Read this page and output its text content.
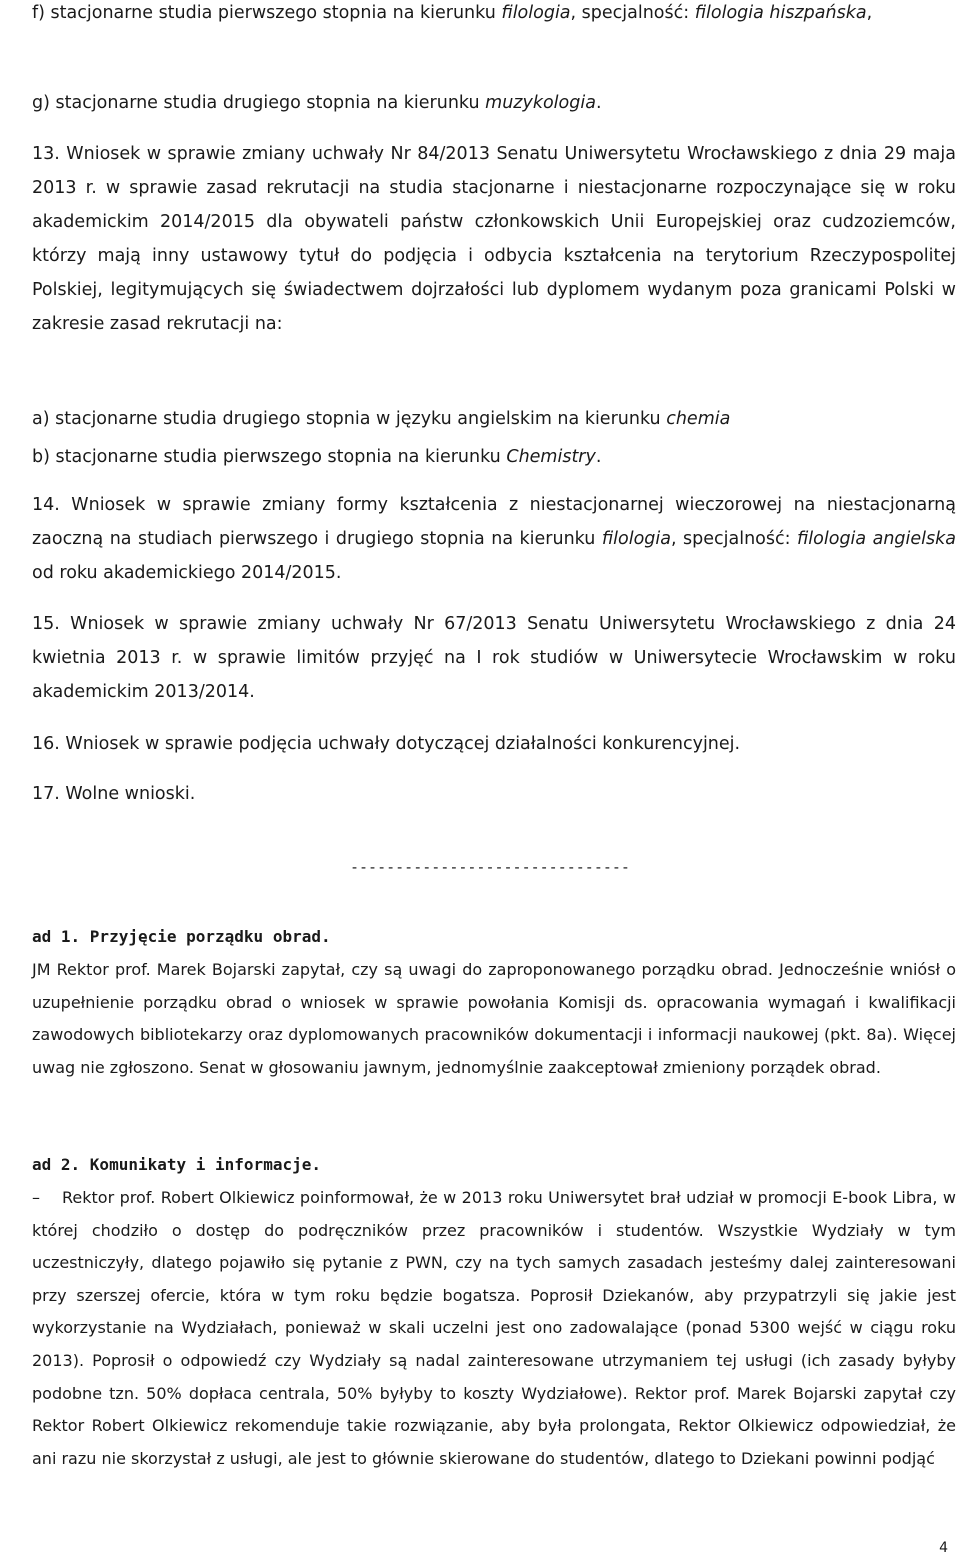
f) stacjonarne studia pierwszego stopnia na kierunku filologia, specjalność: filologia hiszpańska,
g) stacjonarne studia drugiego stopnia na kierunku muzykologia.

13. Wniosek w sprawie zmiany uchwały Nr 84/2013 Senatu Uniwersytetu Wrocławskiego z dnia 29 maja 2013 r. w sprawie zasad rekrutacji na studia stacjonarne i niestacjonarne rozpoczynające się w roku akademickim 2014/2015 dla obywateli państw członkowskich Unii Europejskiej oraz cudzoziemców, którzy mają inny ustawowy tytuł do podjęcia i odbycia kształcenia na terytorium Rzeczypospolitej Polskiej, legitymujących się świadectwem dojrzałości lub dyplomem wydanym poza granicami Polski w zakresie zasad rekrutacji na:

a) stacjonarne studia drugiego stopnia w języku angielskim na kierunku chemia
b) stacjonarne studia pierwszego stopnia na kierunku Chemistry.

14. Wniosek w sprawie zmiany formy kształcenia z niestacjonarnej wieczorowej na niestacjonarną zaoczną na studiach pierwszego i drugiego stopnia na kierunku filologia, specjalność: filologia angielska od roku akademickiego 2014/2015.

15. Wniosek w sprawie zmiany uchwały Nr 67/2013 Senatu Uniwersytetu Wrocławskiego z dnia 24 kwietnia 2013 r. w sprawie limitów przyjęć na I rok studiów w Uniwersytecie Wrocławskim w roku akademickim 2013/2014.

16. Wniosek w sprawie podjęcia uchwały dotyczącej działalności konkurencyjnej.

17. Wolne wnioski.

-------------------------------
ad 1. Przyjęcie porządku obrad.
JM Rektor prof. Marek Bojarski zapytał, czy są uwagi do zaproponowanego porządku obrad. Jednocześnie wniósł o uzupełnienie porządku obrad o wniosek w sprawie powołania Komisji ds. opracowania wymagań i kwalifikacji zawodowych bibliotekarzy oraz dyplomowanych pracowników dokumentacji i informacji naukowej (pkt. 8a). Więcej uwag nie zgłoszono. Senat w głosowaniu jawnym, jednomyślnie zaakceptował zmieniony porządek obrad.
ad 2. Komunikaty i informacje.
– Rektor prof. Robert Olkiewicz poinformował, że w 2013 roku Uniwersytet brał udział w promocji E-book Libra, w której chodziło o dostęp do podręczników przez pracowników i studentów. Wszystkie Wydziały w tym uczestniczyły, dlatego pojawiło się pytanie z PWN, czy na tych samych zasadach jesteśmy dalej zainteresowani przy szerszej ofercie, która w tym roku będzie bogatsza. Poprosił Dziekanów, aby przypatrzyli się jakie jest wykorzystanie na Wydziałach, ponieważ w skali uczelni jest ono zadowalające (ponad 5300 wejść w ciągu roku 2013). Poprosił o odpowiedź czy Wydziały są nadal zainteresowane utrzymaniem tej usługi (ich zasady byłyby podobne tzn. 50% dopłaca centrala, 50% byłyby to koszty Wydziałowe). Rektor prof. Marek Bojarski zapytał czy Rektor Robert Olkiewicz rekomenduje takie rozwiązanie, aby była prolongata, Rektor Olkiewicz odpowiedział, że ani razu nie skorzystał z usługi, ale jest to głównie skierowane do studentów, dlatego to Dziekani powinni podjąć
4
